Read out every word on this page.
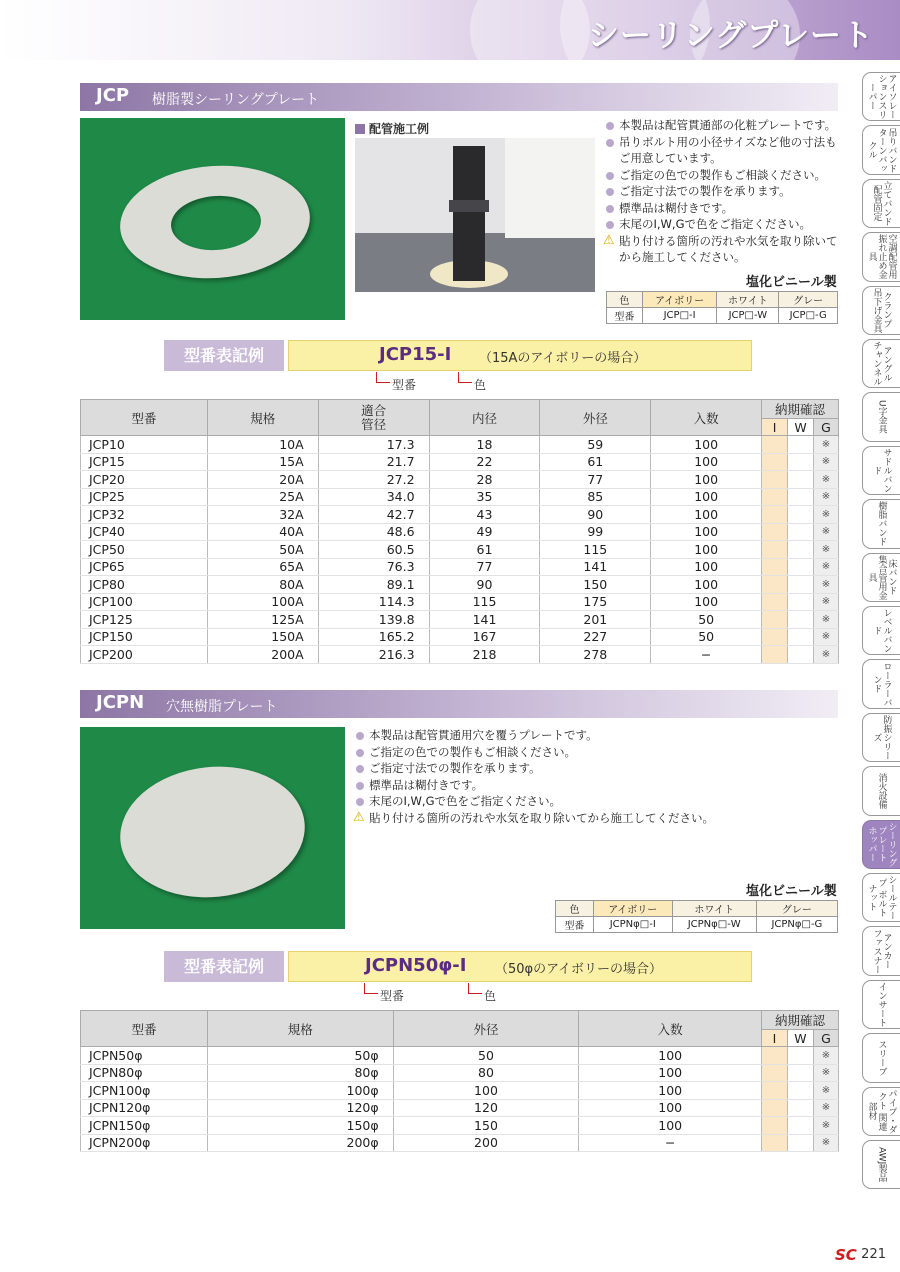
シーリングプレート
JCP 樹脂製シーリングプレート
配管施工例	本製品は配管貫通部の化粧プレートです。
吊りボルト用の小径サイズなど他の寸法も
ご用意しています。
ご指定の色での製作もご相談ください。
ご指定寸法での製作を承ります。
標準品は糊付きです。
末尾のI,W,Gで色をご指定ください。
⚠ 貼り付ける箇所の汚れや水気を取り除いて
から施工してください。
塩化ビニール製
色	アイボリー	ホワイト	グレー
型番	JCP□-I	JCP□-W	JCP□-G
型番表記例	JCP15-I （15Aのアイボリーの場合）
型番	色
型番	規格	適合
管径	内径	外径	入数	納期確認		
						I	W	G
JCP10	10A	17.3	18	59	100			※
JCP15	15A	21.7	22	61	100			※
JCP20	20A	27.2	28	77	100			※
JCP25	25A	34.0	35	85	100			※
JCP32	32A	42.7	43	90	100			※
JCP40	40A	48.6	49	99	100			※
JCP50	50A	60.5	61	115	100			※
JCP65	65A	76.3	77	141	100			※
JCP80	80A	89.1	90	150	100			※
JCP100	100A	114.3	115	175	100			※
JCP125	125A	139.8	141	201	50			※
JCP150	150A	165.2	167	227	50			※
JCP200	200A	216.3	218	278	−			※
JCPN 穴無樹脂プレート
本製品は配管貫通用穴を覆うプレートです。
ご指定の色での製作もご相談ください。
ご指定寸法での製作を承ります。
標準品は糊付きです。
末尾のI,W,Gで色をご指定ください。
⚠ 貼り付ける箇所の汚れや水気を取り除いてから施工してください。
塩化ビニール製
色	アイボリー	ホワイト	グレー
型番	JCPNφ□-I	JCPNφ□-W	JCPNφ□-G
型番表記例	JCPN50φ-I （50φのアイボリーの場合）
型番	色
型番	規格	外径	入数	納期確認		
				I	W	G
JCPN50φ	50φ	50	100			※
JCPN80φ	80φ	80	100			※
JCPN100φ	100φ	100	100			※
JCPN120φ	120φ	120	100			※
JCPN150φ	150φ	150	100			※
JCPN200φ	200φ	200	−			※
アイソレーションスリーパー
吊りバンドターンバックル
立てバンド 配管固定
空調配管用 振れ止め金具
クランプ 吊下げ金具
アングル チャンネル
U字金具
サドルバンド
樹脂バンド
床バンド 集合管用金具
レベルバンド
ローラーバンド
防振シリーズ
消火設備
シーリングプレート ホッパー
シールテープ ボルトナット
アンカー ファスナー
インサート
スリーブ
パイプ・ダクト 関連部材
AWJ製品
SC 221
